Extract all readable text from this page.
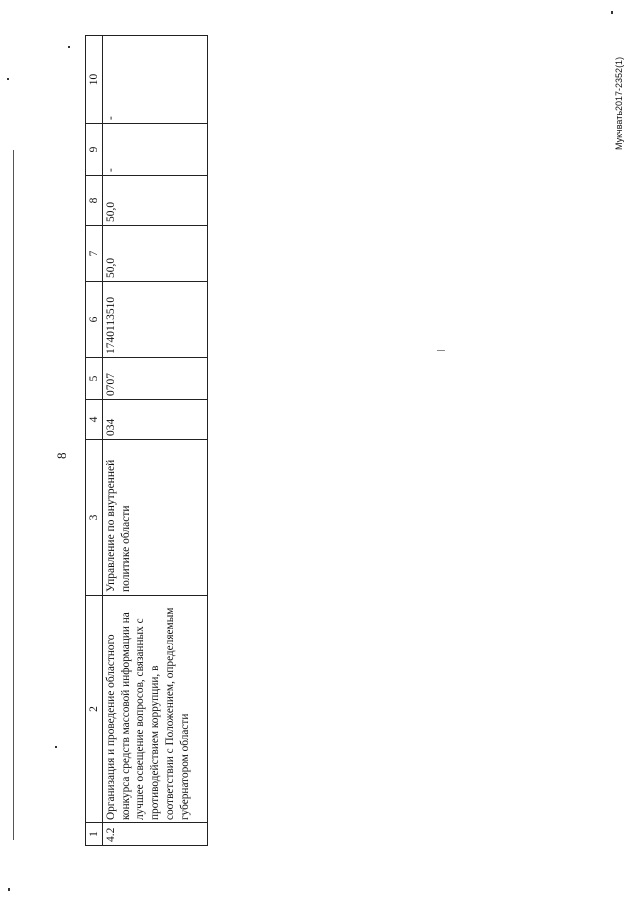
8
Мукчвать2017-2352(1)
1	2	3	4	5	6	7	8	9	10
4.2	Организация и проведение областного конкурса средств массовой информации на лучшее освещение вопросов, связанных с противодействием коррупции, в соответствии с Положением, определяемым губернатором области	Управление по внутренней политике области	034	0707	1740113510	50,0	50,0	-	-
